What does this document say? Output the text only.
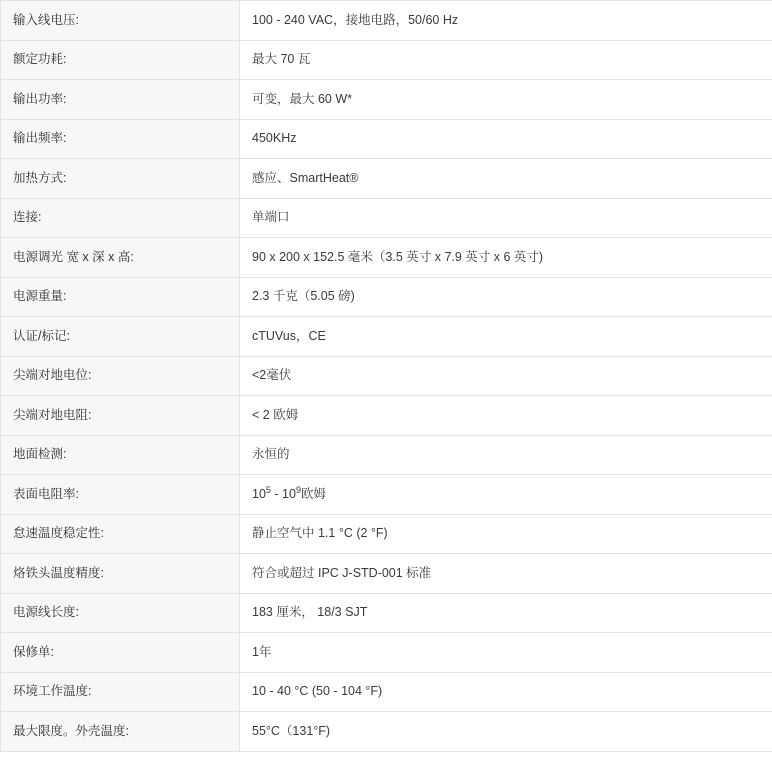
输入线电压:	100 - 240 VAC，接地电路，50/60 Hz
额定功耗:	最大 70 瓦
输出功率:	可变，最大 60 W*
输出频率:	450KHz
加热方式:	感应、SmartHeat®
连接:	单端口
电源调光 宽 x 深 x 高:	90 x 200 x 152.5 毫米（3.5 英寸 x 7.9 英寸 x 6 英寸)
电源重量:	2.3 千克（5.05 磅)
认证/标记:	cTUVus，CE
尖端对地电位:	<2毫伏
尖端对地电阻:	< 2 欧姆
地面检测:	永恒的
表面电阻率:	$10^5 - 10^9$欧姆
怠速温度稳定性:	静止空气中 1.1 °C (2 °F)
烙铁头温度精度:	符合或超过 IPC J-STD-001 标准
电源线长度:	183 厘米， 18/3 SJT
保修单:	1年
环境工作温度:	10 - 40 °C (50 - 104 °F)
最大限度。外壳温度:	55°C（131°F)
